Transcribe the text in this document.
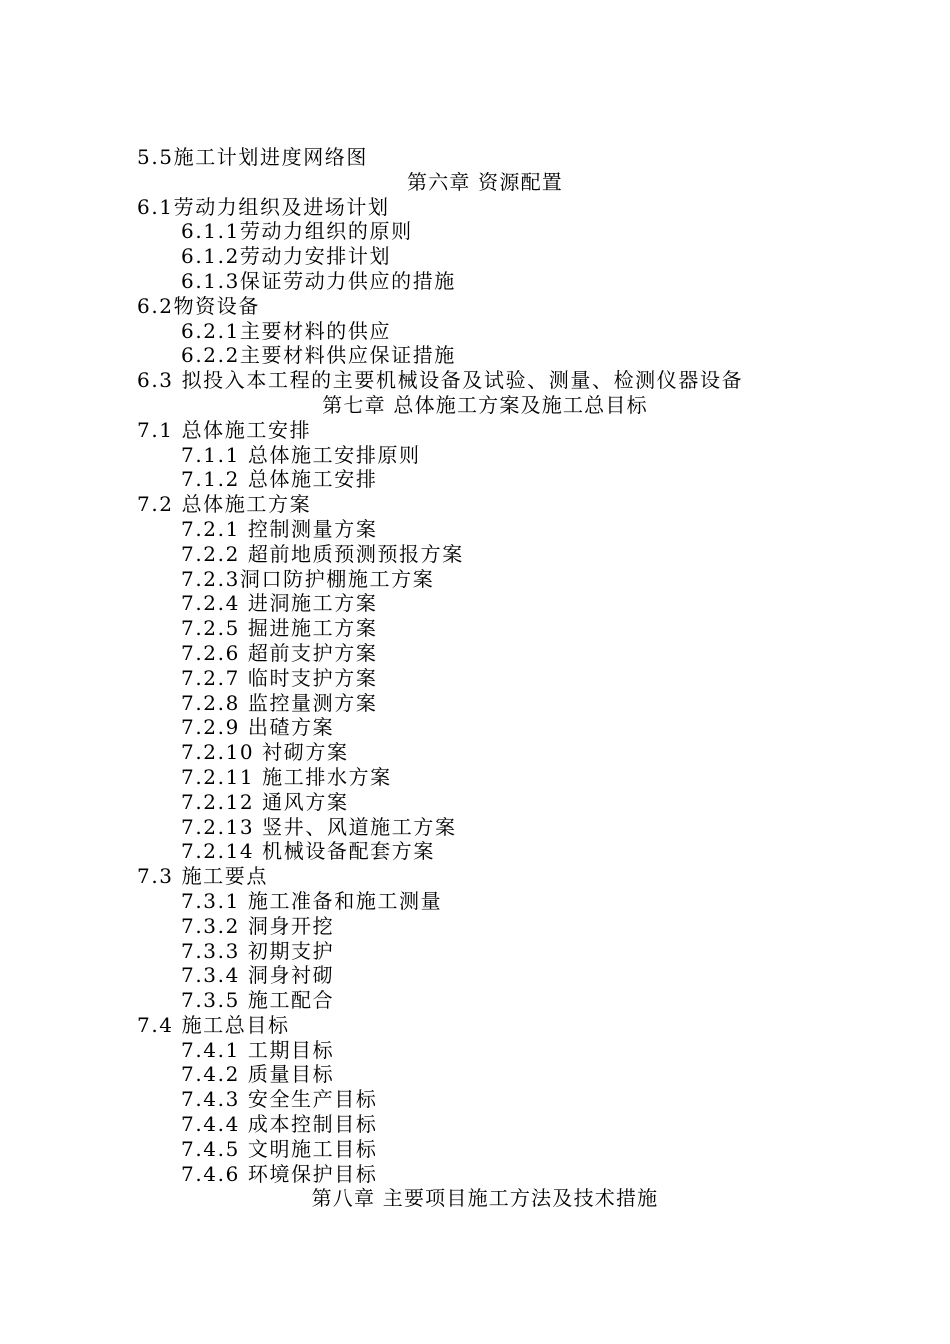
5.5施工计划进度网络图
第六章 资源配置
6.1劳动力组织及进场计划
6.1.1劳动力组织的原则
6.1.2劳动力安排计划
6.1.3保证劳动力供应的措施
6.2物资设备
6.2.1主要材料的供应
6.2.2主要材料供应保证措施
6.3 拟投入本工程的主要机械设备及试验、测量、检测仪器设备
第七章 总体施工方案及施工总目标
7.1 总体施工安排
7.1.1 总体施工安排原则
7.1.2 总体施工安排
7.2 总体施工方案
7.2.1 控制测量方案
7.2.2 超前地质预测预报方案
7.2.3洞口防护棚施工方案
7.2.4 进洞施工方案
7.2.5 掘进施工方案
7.2.6 超前支护方案
7.2.7 临时支护方案
7.2.8 监控量测方案
7.2.9 出碴方案
7.2.10 衬砌方案
7.2.11 施工排水方案
7.2.12 通风方案
7.2.13 竖井、风道施工方案
7.2.14 机械设备配套方案
7.3 施工要点
7.3.1 施工准备和施工测量
7.3.2 洞身开挖
7.3.3 初期支护
7.3.4 洞身衬砌
7.3.5 施工配合
7.4 施工总目标
7.4.1 工期目标
7.4.2 质量目标
7.4.3 安全生产目标
7.4.4 成本控制目标
7.4.5 文明施工目标
7.4.6 环境保护目标
第八章 主要项目施工方法及技术措施
